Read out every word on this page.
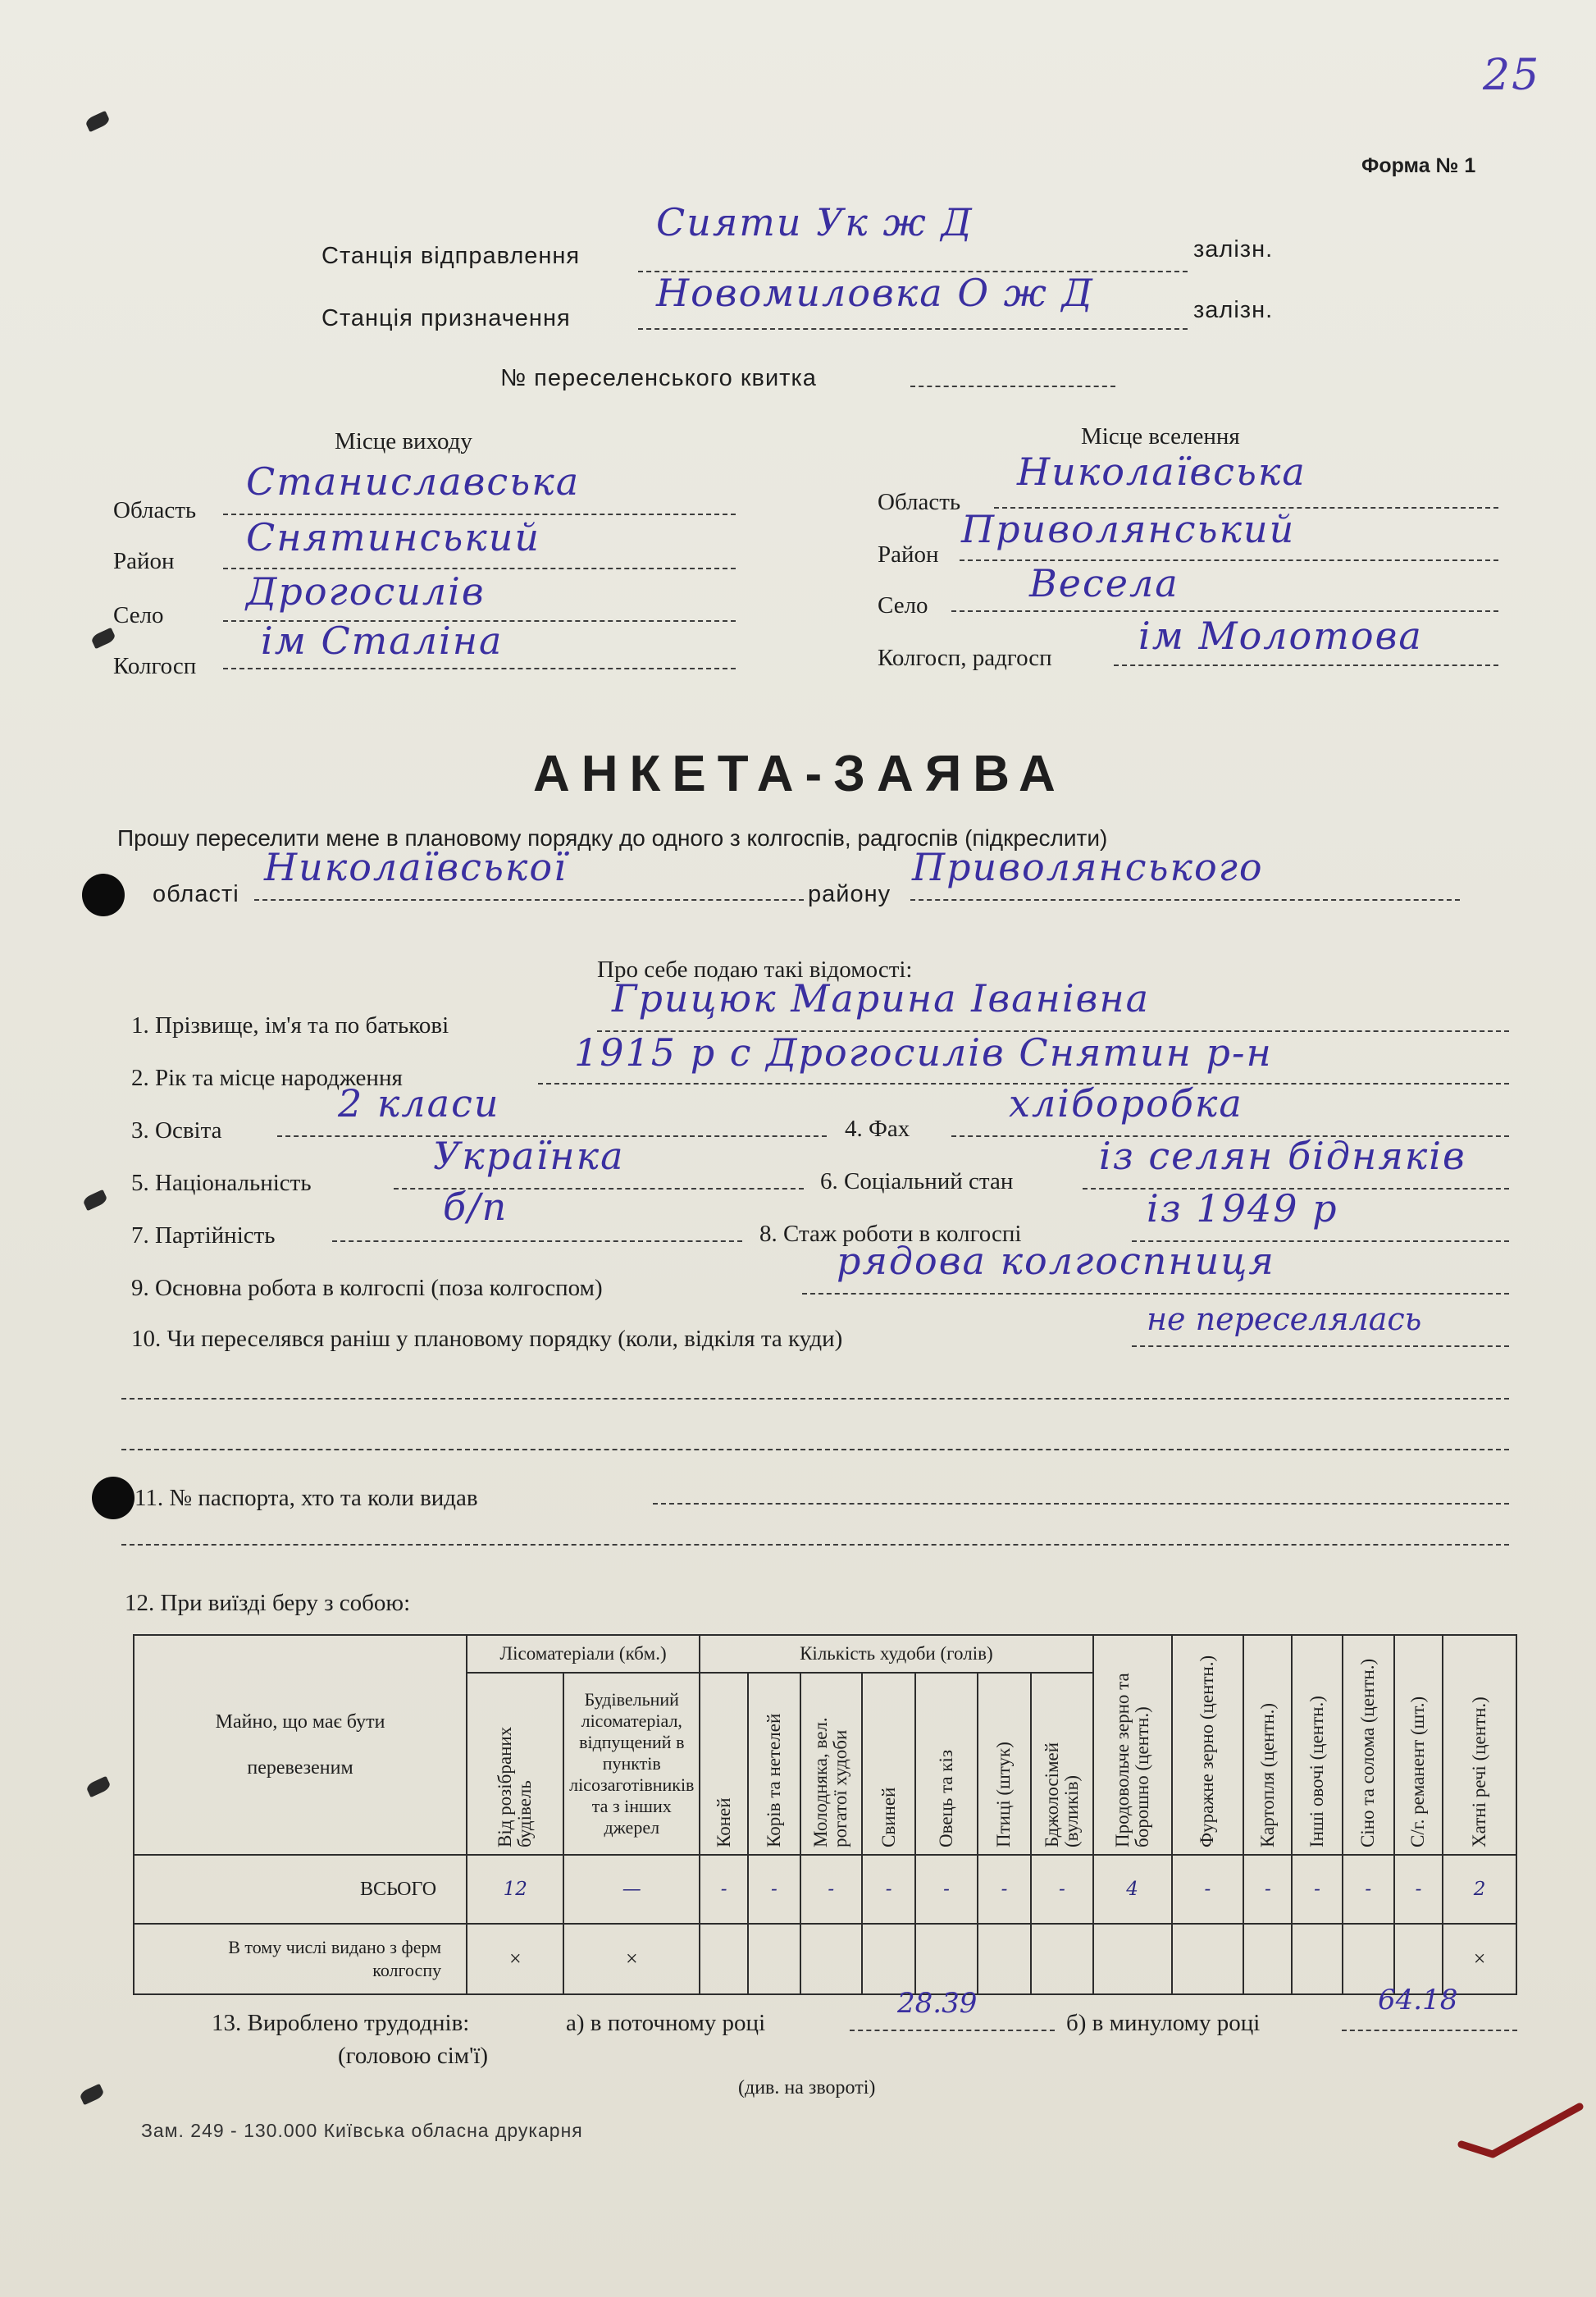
25
Форма № 1
Станція відправлення
Сияти Ук ж Д
залізн.
Станція призначення
Новомиловка О ж Д	залізн.
№ переселенського квитка
Місце виходу
Область
Станиславська
Район
Снятинський
Село
Дрогосилів
Колгосп
ім Сталіна
Місце вселення
Область
Николаївська
Район
Приволянський
Село	Весела
Колгосп, радгосп ім Молотова
АНКЕТА-ЗАЯВА
Прошу переселити мене в плановому порядку до одного з колгоспів, радгоспів (підкреслити)
області
Николаївської
району
Приволянського
Про себе подаю такі відомості:
1. Прізвище, ім'я та по батькові
Грицюк Марина Іванівна
2. Рік та місце народження
1915 р с Дрогосилів Снятин р-н
3. Освіта
2 класи
4. Фах
хліборобка
5. Національність
Українка
6. Соціальний стан
із селян бідняків
7. Партійність
б/п
8. Стаж роботи в колгоспі
із 1949 р
9. Основна робота в колгоспі (поза колгоспом)
рядова колгоспниця
10. Чи переселявся раніш у плановому порядку (коли, відкіля та куди)
не переселялась
11. № паспорта, хто та коли видав
12. При виїзді беру з собою:
Майно, що має бути перевезеним	Лісоматеріали (кбм.)		Кількість худоби (голів)							Продовольче зерно та борошно (центн.)	Фуражне зерно (центн.)	Картопля (центн.)	Інші овочі (центн.)	Сіно та солома (центн.)	С/г. реманент (шт.)	Хатні речі (центн.)

	Від розібраних будівель	Будівельний лісоматеріал, відпущений в пунктів лісозаготівників та з інших джерел	Коней	Корів та нетелей	Молодняка, вел. рогатої худоби	Свиней	Овець та кіз	Птиці (штук)	Бджолосімей (вуликів)							

ВСЬОГО	12	—	-	-	-	-	-	-	-	4	-	-	-	-	-	2
В тому числі видано з ферм колгоспу	×	×														×
13. Вироблено трудоднів:	а) в поточному році
28.39
б) в минулому році
64.18
(головою сім'ї)
(див. на звороті)
Зам. 249 - 130.000 Київська обласна друкарня
